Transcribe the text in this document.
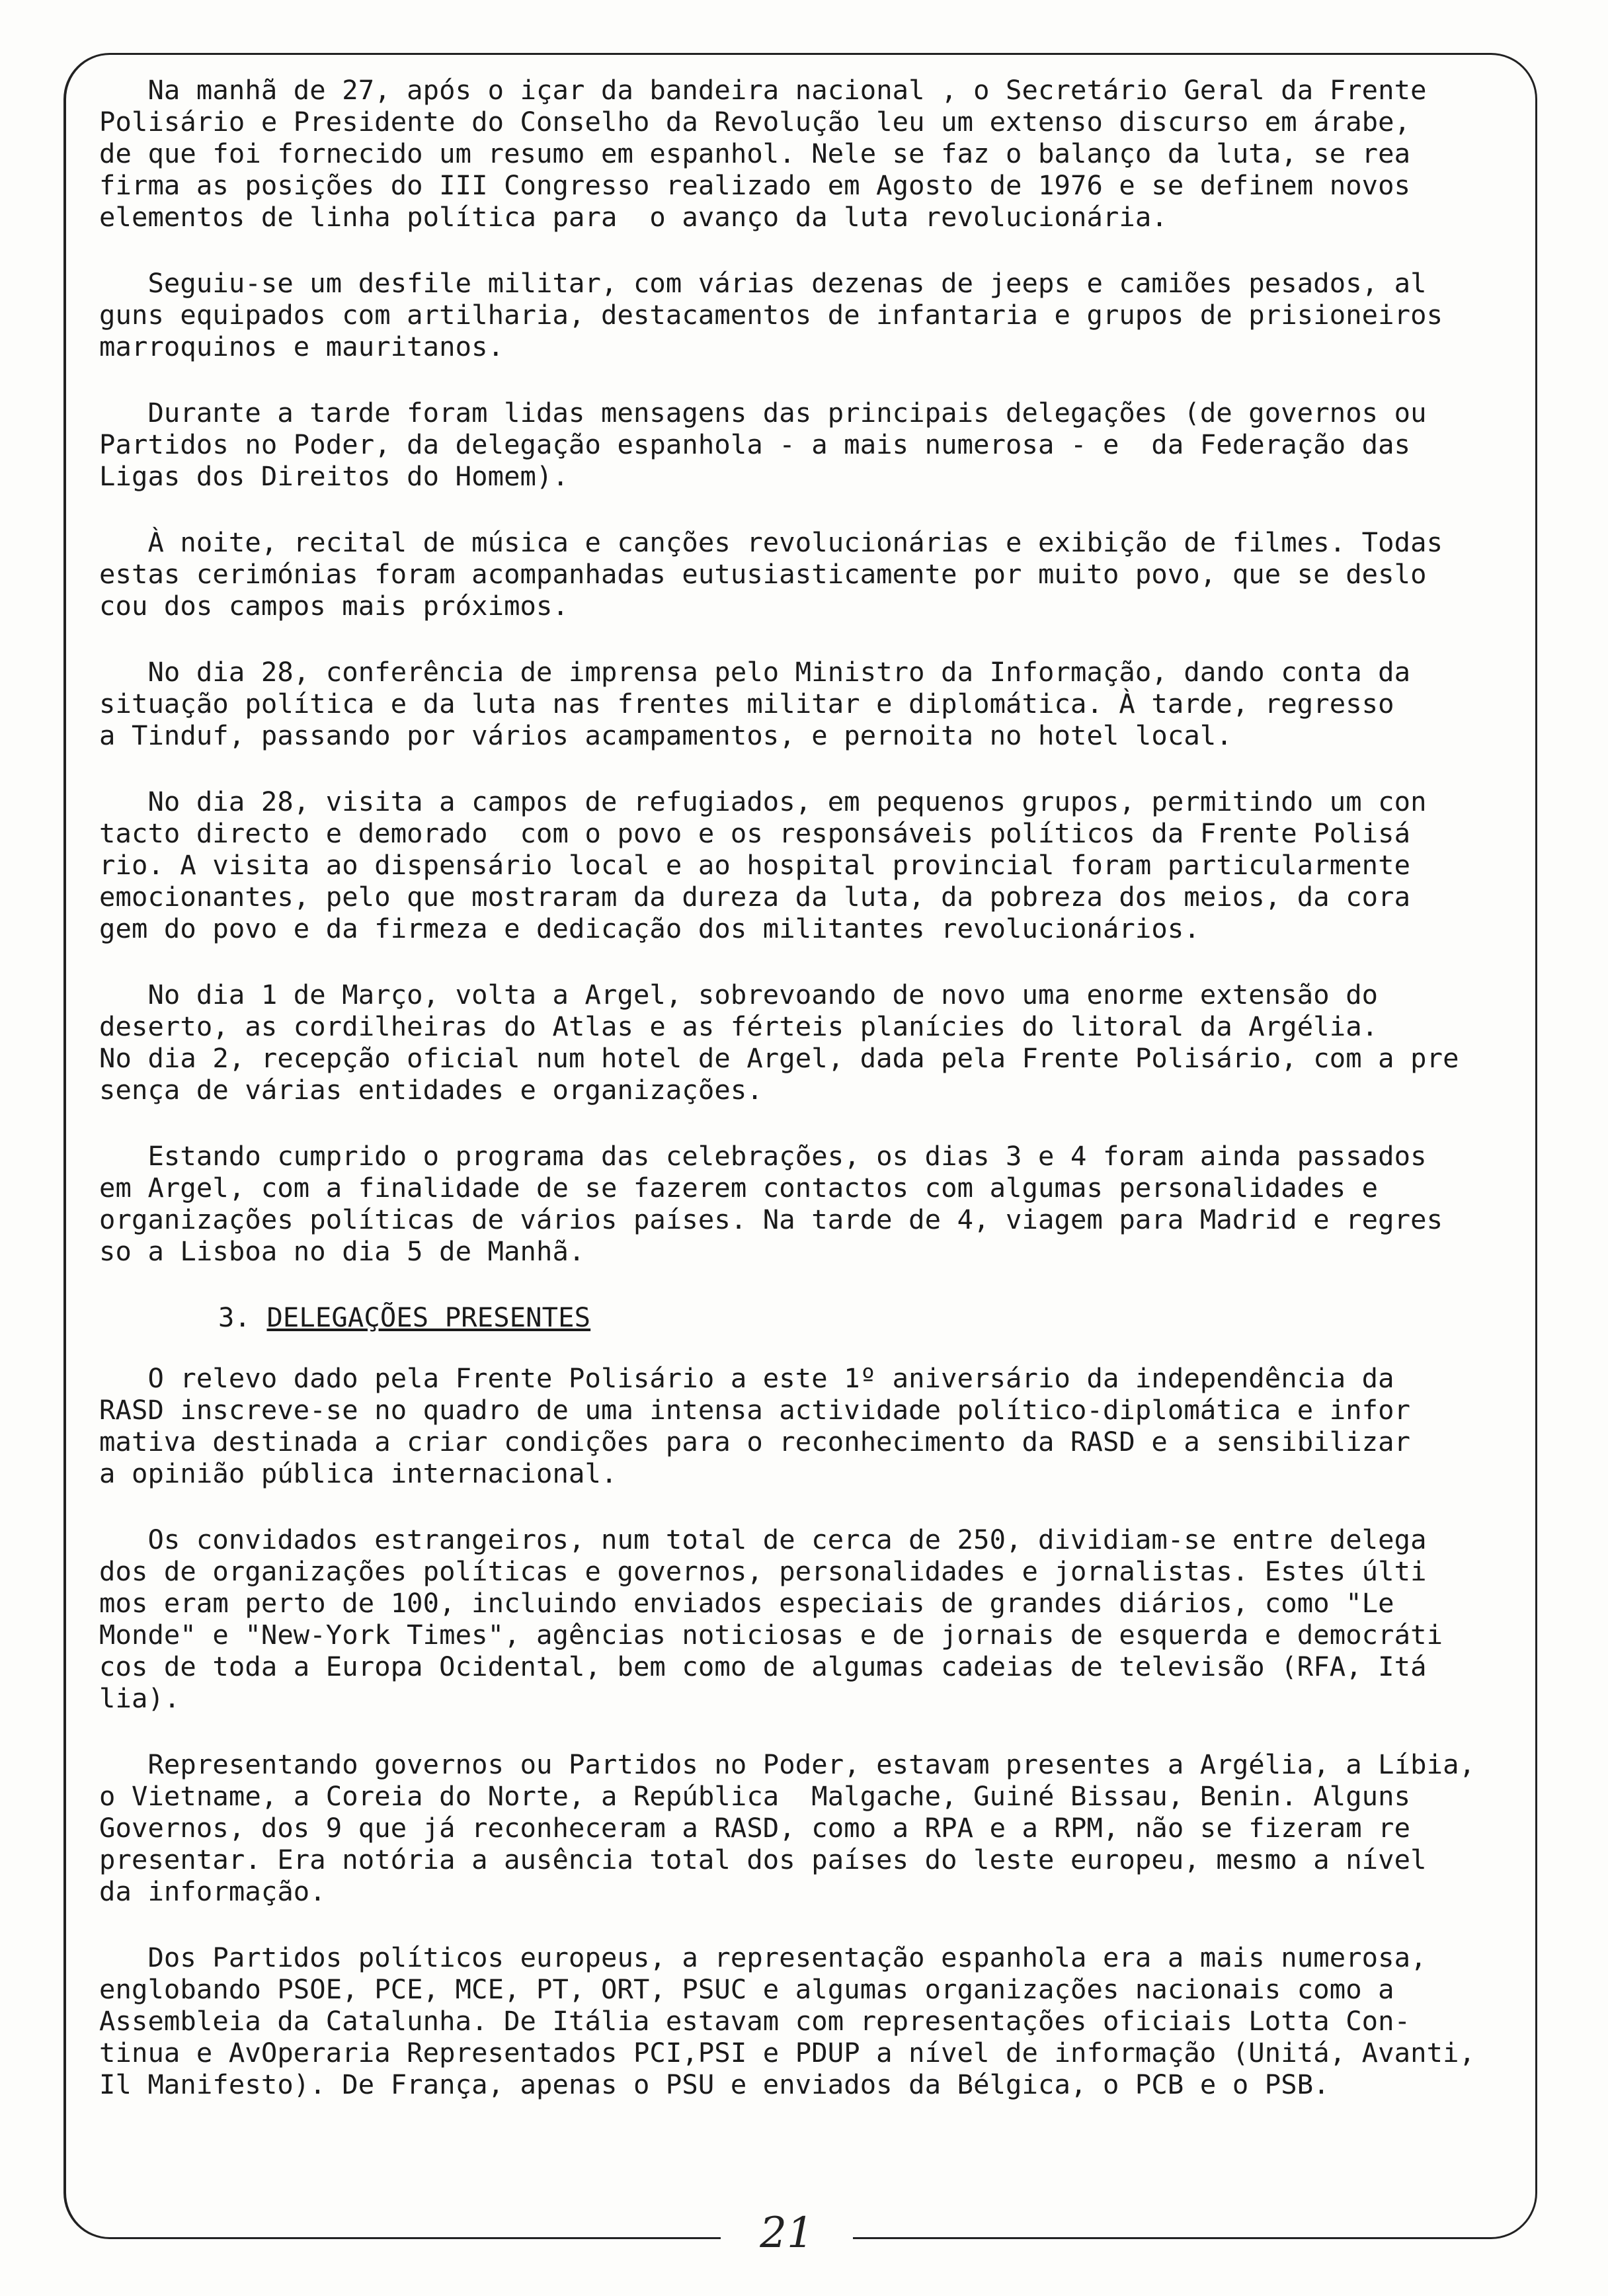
Na manhã de 27, após o içar da bandeira nacional , o Secretário Geral da Frente
Polisário e Presidente do Conselho da Revolução leu um extenso discurso em árabe,
de que foi fornecido um resumo em espanhol. Nele se faz o balanço da luta, se rea
firma as posições do III Congresso realizado em Agosto de 1976 e se definem novos
elementos de linha política para  o avanço da luta revolucionária.
Seguiu-se um desfile militar, com várias dezenas de jeeps e camiões pesados, al
guns equipados com artilharia, destacamentos de infantaria e grupos de prisioneiros
marroquinos e mauritanos.
Durante a tarde foram lidas mensagens das principais delegações (de governos ou
Partidos no Poder, da delegação espanhola - a mais numerosa - e  da Federação das
Ligas dos Direitos do Homem).
À noite, recital de música e canções revolucionárias e exibição de filmes. Todas
estas cerimónias foram acompanhadas eutusiasticamente por muito povo, que se deslo
cou dos campos mais próximos.
No dia 28, conferência de imprensa pelo Ministro da Informação, dando conta da
situação política e da luta nas frentes militar e diplomática. À tarde, regresso
a Tinduf, passando por vários acampamentos, e pernoita no hotel local.
No dia 28, visita a campos de refugiados, em pequenos grupos, permitindo um con
tacto directo e demorado  com o povo e os responsáveis políticos da Frente Polisá
rio. A visita ao dispensário local e ao hospital provincial foram particularmente
emocionantes, pelo que mostraram da dureza da luta, da pobreza dos meios, da cora
gem do povo e da firmeza e dedicação dos militantes revolucionários.
No dia 1 de Março, volta a Argel, sobrevoando de novo uma enorme extensão do
deserto, as cordilheiras do Atlas e as férteis planícies do litoral da Argélia.
No dia 2, recepção oficial num hotel de Argel, dada pela Frente Polisário, com a pre
sença de várias entidades e organizações.
Estando cumprido o programa das celebrações, os dias 3 e 4 foram ainda passados
em Argel, com a finalidade de se fazerem contactos com algumas personalidades e
organizações políticas de vários países. Na tarde de 4, viagem para Madrid e regres
so a Lisboa no dia 5 de Manhã.
3. DELEGAÇÕES PRESENTES
O relevo dado pela Frente Polisário a este 1º aniversário da independência da
RASD inscreve-se no quadro de uma intensa actividade político-diplomática e infor
mativa destinada a criar condições para o reconhecimento da RASD e a sensibilizar
a opinião pública internacional.
Os convidados estrangeiros, num total de cerca de 250, dividiam-se entre delega
dos de organizações políticas e governos, personalidades e jornalistas. Estes últi
mos eram perto de 100, incluindo enviados especiais de grandes diários, como "Le
Monde" e "New-York Times", agências noticiosas e de jornais de esquerda e democráti
cos de toda a Europa Ocidental, bem como de algumas cadeias de televisão (RFA, Itá
lia).
Representando governos ou Partidos no Poder, estavam presentes a Argélia, a Líbia,
o Vietname, a Coreia do Norte, a República  Malgache, Guiné Bissau, Benin. Alguns
Governos, dos 9 que já reconheceram a RASD, como a RPA e a RPM, não se fizeram re
presentar. Era notória a ausência total dos países do leste europeu, mesmo a nível
da informação.
Dos Partidos políticos europeus, a representação espanhola era a mais numerosa,
englobando PSOE, PCE, MCE, PT, ORT, PSUC e algumas organizações nacionais como a
Assembleia da Catalunha. De Itália estavam com representações oficiais Lotta Con-
tinua e AvOperaria Representados PCI,PSI e PDUP a nível de informação (Unitá, Avanti,
Il Manifesto). De França, apenas o PSU e enviados da Bélgica, o PCB e o PSB.
21
